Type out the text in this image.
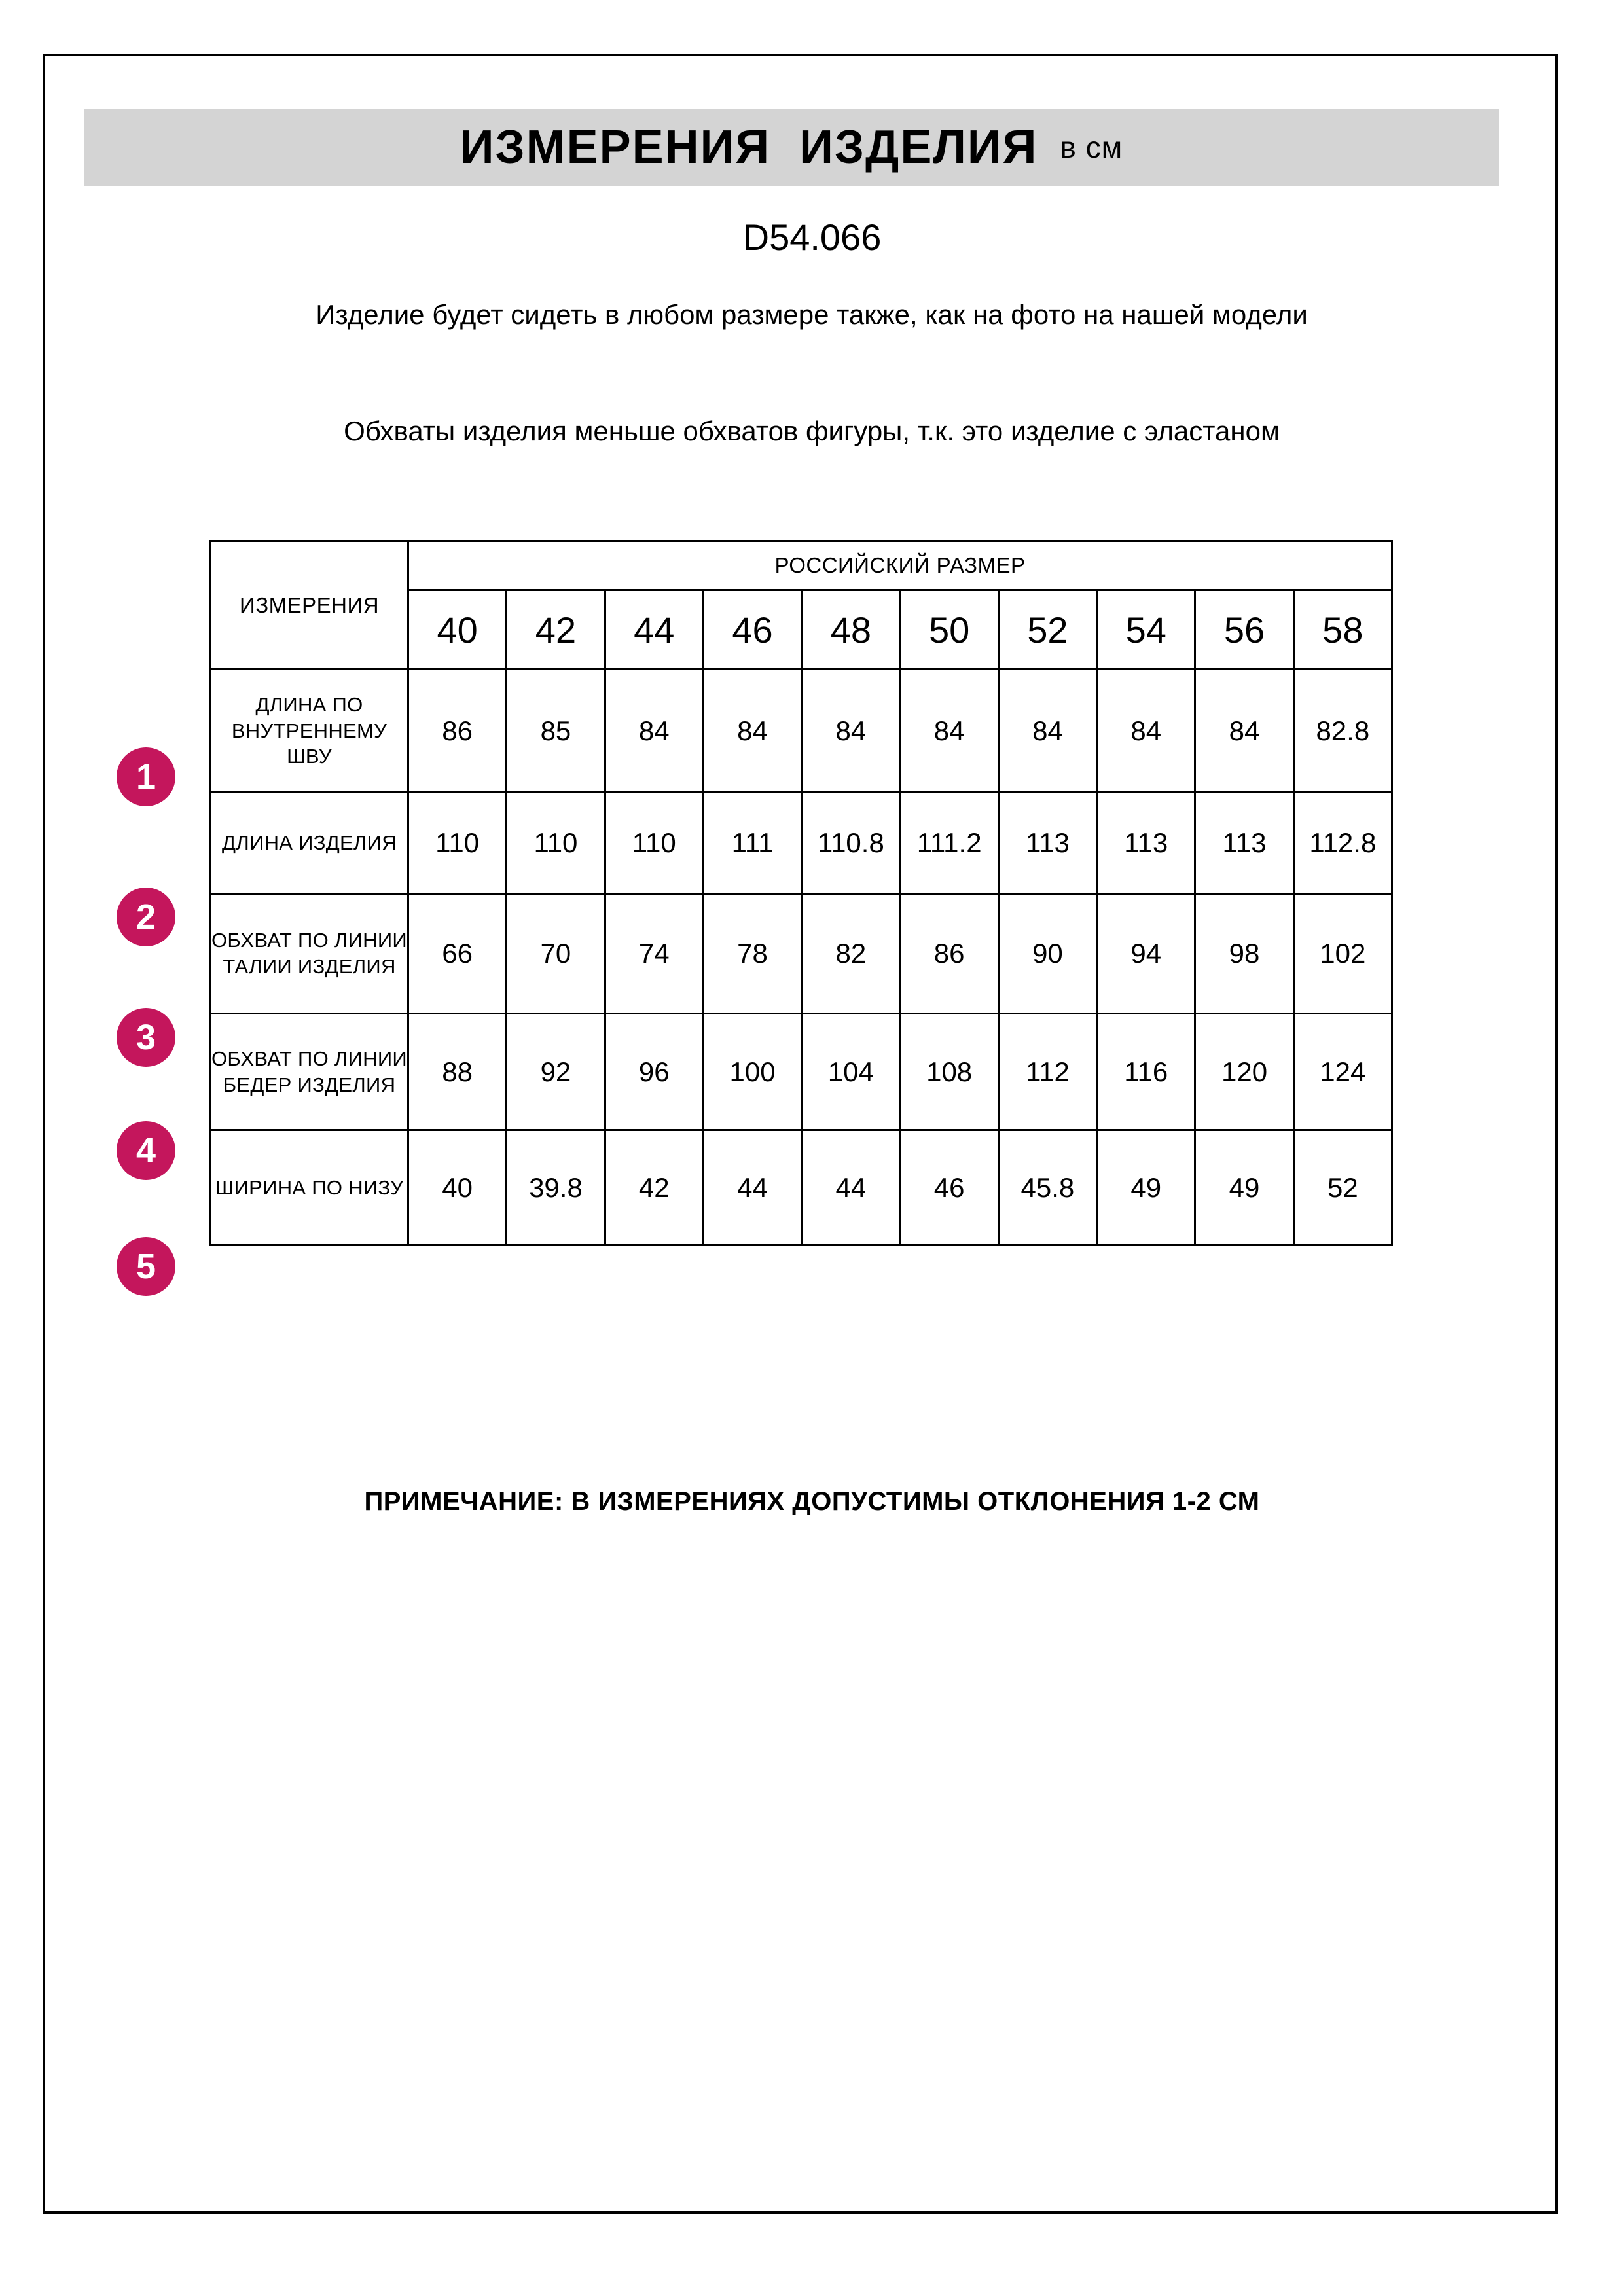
ИЗМЕРЕНИЯ  ИЗДЕЛИЯ в см
D54.066
Изделие будет сидеть в любом размере также, как на фото на нашей модели
Обхваты изделия меньше обхватов фигуры, т.к. это изделие с эластаном
ИЗМЕРЕНИЯ	РОССИЙСКИЙ РАЗМЕР									
	40	42	44	46	48	50	52	54	56	58
ДЛИНА ПО ВНУТРЕННЕМУ ШВУ	86	85	84	84	84	84	84	84	84	82.8
ДЛИНА ИЗДЕЛИЯ	110	110	110	111	110.8	111.2	113	113	113	112.8
ОБХВАТ ПО ЛИНИИ ТАЛИИ ИЗДЕЛИЯ	66	70	74	78	82	86	90	94	98	102
ОБХВАТ ПО ЛИНИИ БЕДЕР ИЗДЕЛИЯ	88	92	96	100	104	108	112	116	120	124
ШИРИНА ПО НИЗУ	40	39.8	42	44	44	46	45.8	49	49	52
1
2
3
4
5
ПРИМЕЧАНИЕ: В ИЗМЕРЕНИЯХ ДОПУСТИМЫ ОТКЛОНЕНИЯ 1-2 СМ
